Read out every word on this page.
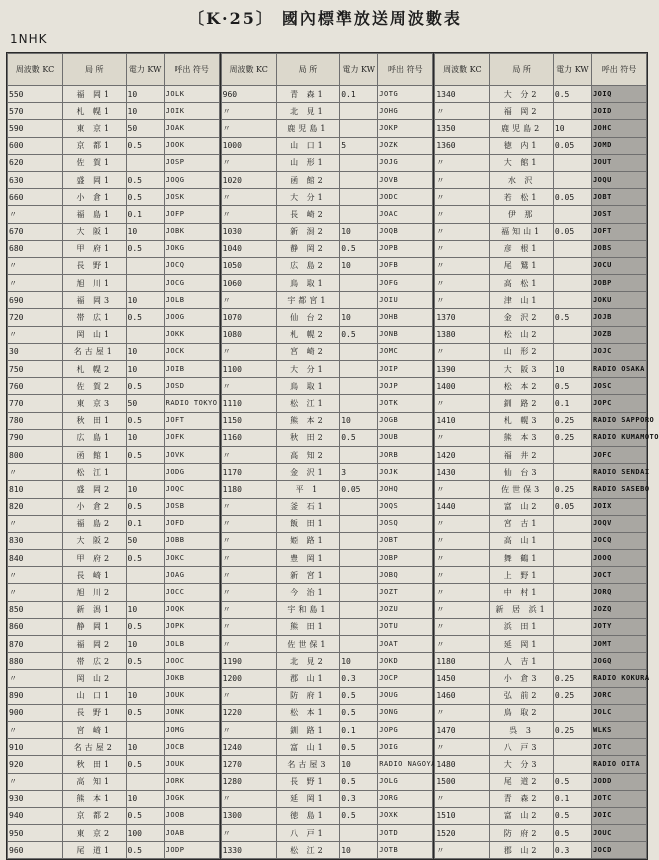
〔K·25〕 國內標準放送周波數表
1NHK
周波數 KC	局 所	電力 KW	呼出 符号
550	福 岡1	10	JOLK
570	札 幌1	10	JOIK
590	東 京1	50	JOAK
600	京 都1	0.5	JOOK
620	佐 賀1		JOSP
630	盛 岡1	0.5	JOQG
660	小 倉1	0.5	JOSK
〃	福 島1	0.1	JOFP
670	大 阪1	10	JOBK
680	甲 府1	0.5	JOKG
〃	長 野1		JOCQ
〃	旭 川1		JOCG
690	福 岡3	10	JOLB
720	帯 広1	0.5	JOOG
〃	岡 山1		JOKK
30	名古屋1	10	JOCK
750	札 幌2	10	JOIB
760	佐 賀2	0.5	JOSD
770	東 京3	50	RADIO TOKYO
780	秋 田1	0.5	JOFT
790	広 島1	10	JOFK
800	函 館1	0.5	JOVK
〃	松 江1		JODG
810	盛 岡2	10	JOQC
820	小 倉2	0.5	JOSB
〃	福 島2	0.1	JOFD
830	大 阪2	50	JOBB
840	甲 府2	0.5	JOKC
〃	長 崎1		JOAG
〃	旭 川2		JOCC
850	新 潟1	10	JOQK
860	静 岡1	0.5	JOPK
870	福 岡2	10	JOLB
880	帯 広2	0.5	JOOC
〃	岡 山2		JOKB
890	山 口1	10	JOUK
900	長 野1	0.5	JONK
〃	宮 崎1		JOMG
910	名古屋2	10	JOCB
920	秋 田1	0.5	JOUK
〃	高 知1		JORK
930	熊 本1	10	JOGK
940	京 都2	0.5	JOOB
950	東 京2	100	JOAB
960	尾 道1	0.5	JODP
周波數 KC	局 所	電力 KW	呼出 符号
960	青 森1	0.1	JOTG
〃	北 見1		JOHG
〃	鹿児島1		JOKP
1000	山 口1	5	JOZK
〃	山 形1		JOJG
1020	函 館2		JOVB
〃	大 分1		JODC
〃	長 崎2		JOAC
1030	新 潟2	10	JOQB
1040	静 岡2	0.5	JOPB
1050	広 島2	10	JOFB
1060	鳥 取1		JOFG
〃	宇都宮1		JOIU
1070	仙 台2	10	JOHB
1080	札 幌2	0.5	JONB
〃	宮 崎2		JOMC
1100	大 分1		JOIP
〃	鳥 取1		JOJP
1110	松 江1		JOTK
1150	熊 本2	10	JOGB
1160	秋 田2	0.5	JOUB
〃	高 知2		JORB
1170	金 沢1	3	JOJK
1180	平 1	0.05	JOHQ
〃	釜 石1		JOQS
〃	飯 田1		JOSQ
〃	姫 路1		JOBT
〃	豊 岡1		JOBP
〃	新 宮1		JOBQ
〃	今 治1		JOZT
〃	宇和島1		JOZU
〃	熊 田1		JOTU
〃	佐世保1		JOAT
1190	北 見2	10	JOKD
1200	郡 山1	0.3	JOCP
〃	防 府1	0.5	JOUG
1220	松 本1	0.5	JONG
〃	釧 路1	0.1	JOPG
1240	富 山1	0.5	JOIG
1270	名古屋3	10	RADIO NAGOYA
1280	長 野1	0.5	JOLG
〃	延 岡1	0.3	JORG
1300	徳 島1	0.5	JOXK
〃	八 戸1		JOTD
1330	松 江2	10	JOTB
周波數 KC	局 所	電力 KW	呼出 符号
1340	大 分2	0.5	JOIQ
〃	福 岡2		JOID
1350	鹿児島2	10	JOHC
1360	徳 内1	0.05	JOMD
〃	大 館1		JOUT
〃	水 沢		JOQU
〃	若 松1	0.05	JOBT
〃	伊 那		JOST
〃	福知山1	0.05	JOFT
〃	彦 根1		JOBS
〃	尾 鷲1		JOCU
〃	高 松1		JOBP
〃	津 山1		JOKU
1370	金 沢2	0.5	JOJB
1380	松 山2		JOZB
〃	山 形2		JOJC
1390	大 阪3	10	RADIO OSAKA
1400	松 本2	0.5	JOSC
〃	釧 路2	0.1	JOPC
1410	札 幌3	0.25	RADIO SAPPORO
〃	熊 本3	0.25	RADIO KUMAMOTO
1420	福 井2		JOFC
1430	仙 台3		RADIO SENDAI
〃	佐世保3	0.25	RADIO SASEBO
1440	富 山2	0.05	JOIX
〃	宮 古1		JOQV
〃	高 山1		JOCQ
〃	舞 鶴1		JOOQ
〃	上 野1		JOCT
〃	中 村1		JORQ
〃	新 居 浜1		JOZQ
〃	浜 田1		JOTY
〃	延 岡1		JOMT
1180	人 吉1		JOGQ
1450	小 倉3	0.25	RADIO KOKURA
1460	弘 前2	0.25	JORC
〃	鳥 取2		JOLC
1470	呉 3	0.25	WLKS
〃	八 戸3		JOTC
1480	大 分3		RADIO OITA
1500	尾 道2	0.5	JODD
〃	青 森2	0.1	JOTC
1510	富 山2	0.5	JOIC
1520	防 府2	0.5	JOUC
〃	郡 山2	0.3	JOCD
